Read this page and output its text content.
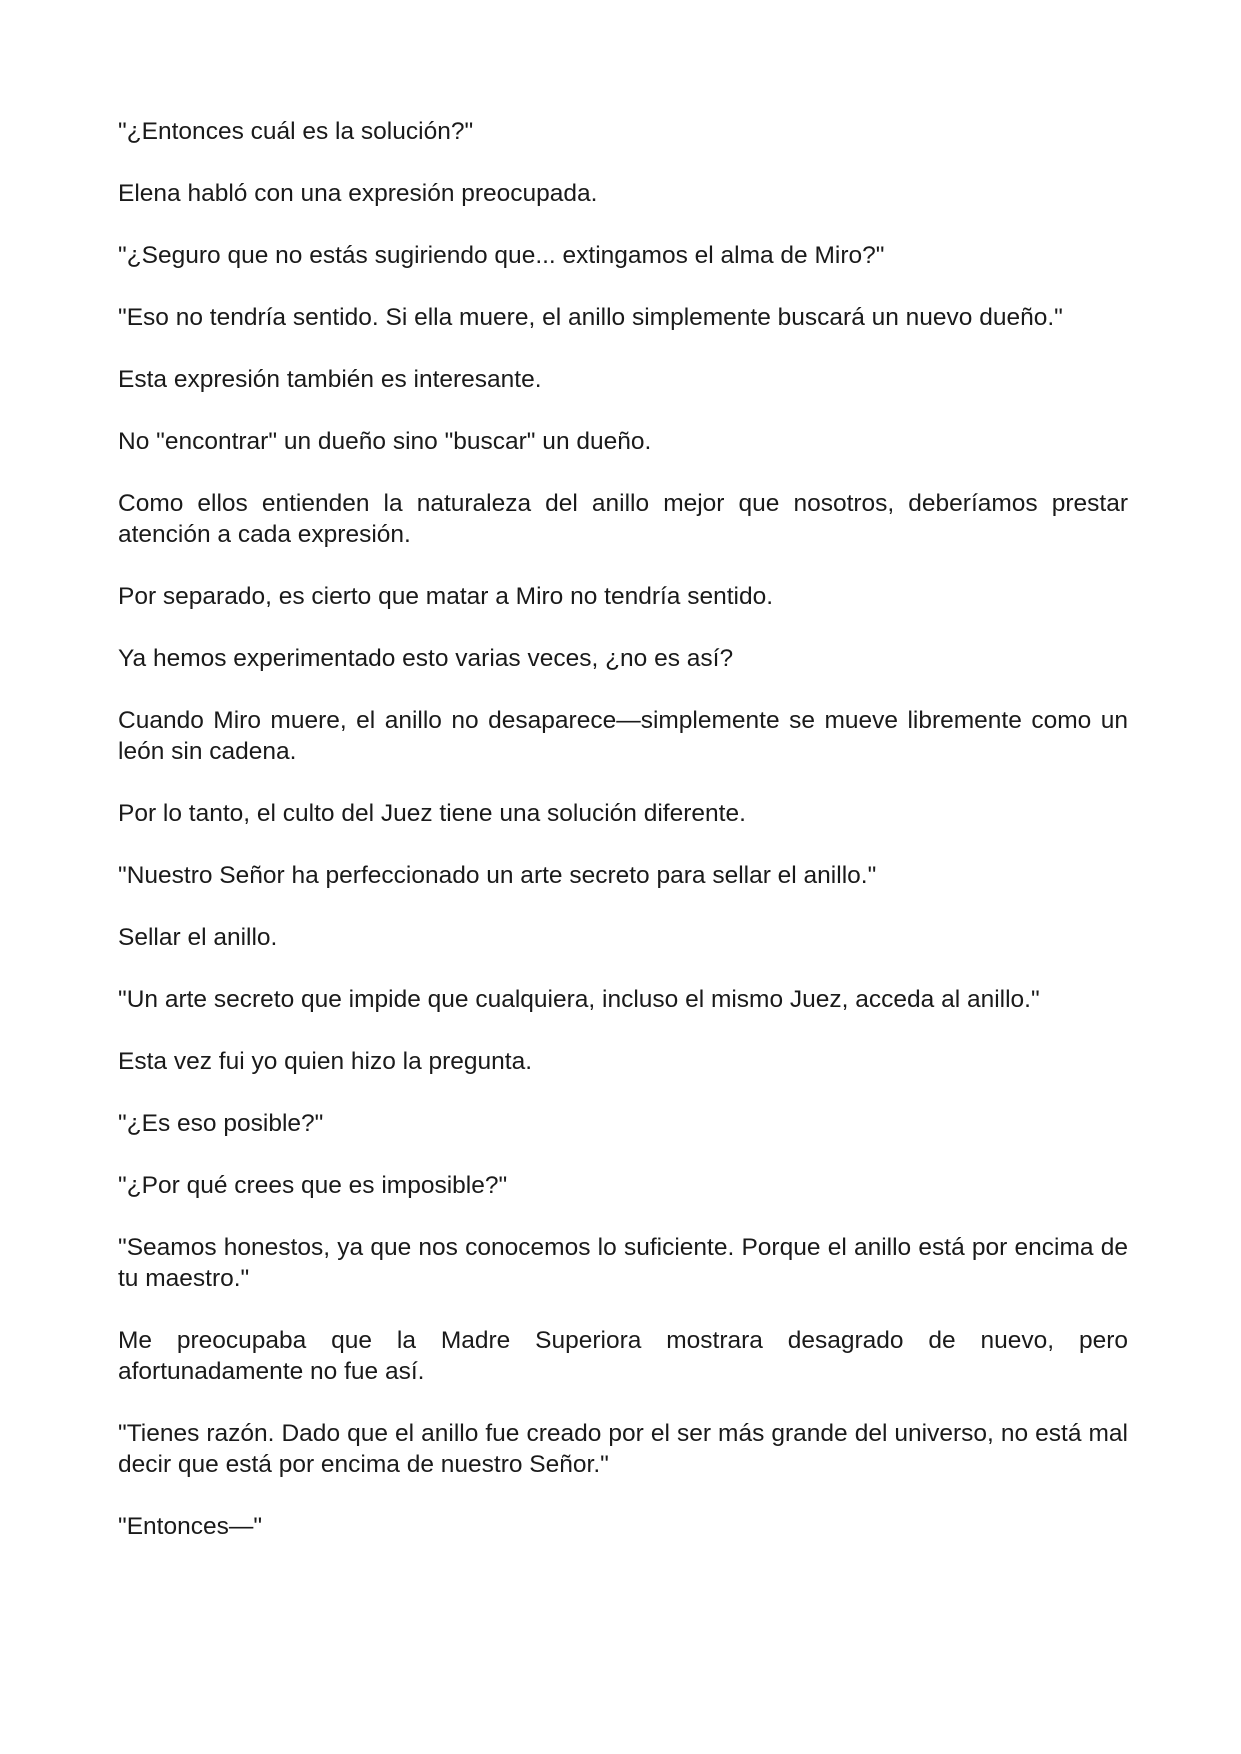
"¿Entonces cuál es la solución?"

Elena habló con una expresión preocupada.

"¿Seguro que no estás sugiriendo que... extingamos el alma de Miro?"

"Eso no tendría sentido. Si ella muere, el anillo simplemente buscará un nuevo dueño."

Esta expresión también es interesante.

No "encontrar" un dueño sino "buscar" un dueño.

Como ellos entienden la naturaleza del anillo mejor que nosotros, deberíamos prestar atención a cada expresión.

Por separado, es cierto que matar a Miro no tendría sentido.

Ya hemos experimentado esto varias veces, ¿no es así?

Cuando Miro muere, el anillo no desaparece—simplemente se mueve libremente como un león sin cadena.

Por lo tanto, el culto del Juez tiene una solución diferente.

"Nuestro Señor ha perfeccionado un arte secreto para sellar el anillo."

Sellar el anillo.

"Un arte secreto que impide que cualquiera, incluso el mismo Juez, acceda al anillo."

Esta vez fui yo quien hizo la pregunta.

"¿Es eso posible?"

"¿Por qué crees que es imposible?"

"Seamos honestos, ya que nos conocemos lo suficiente. Porque el anillo está por encima de tu maestro."

Me preocupaba que la Madre Superiora mostrara desagrado de nuevo, pero afortunadamente no fue así.

"Tienes razón. Dado que el anillo fue creado por el ser más grande del universo, no está mal decir que está por encima de nuestro Señor."

"Entonces—"
